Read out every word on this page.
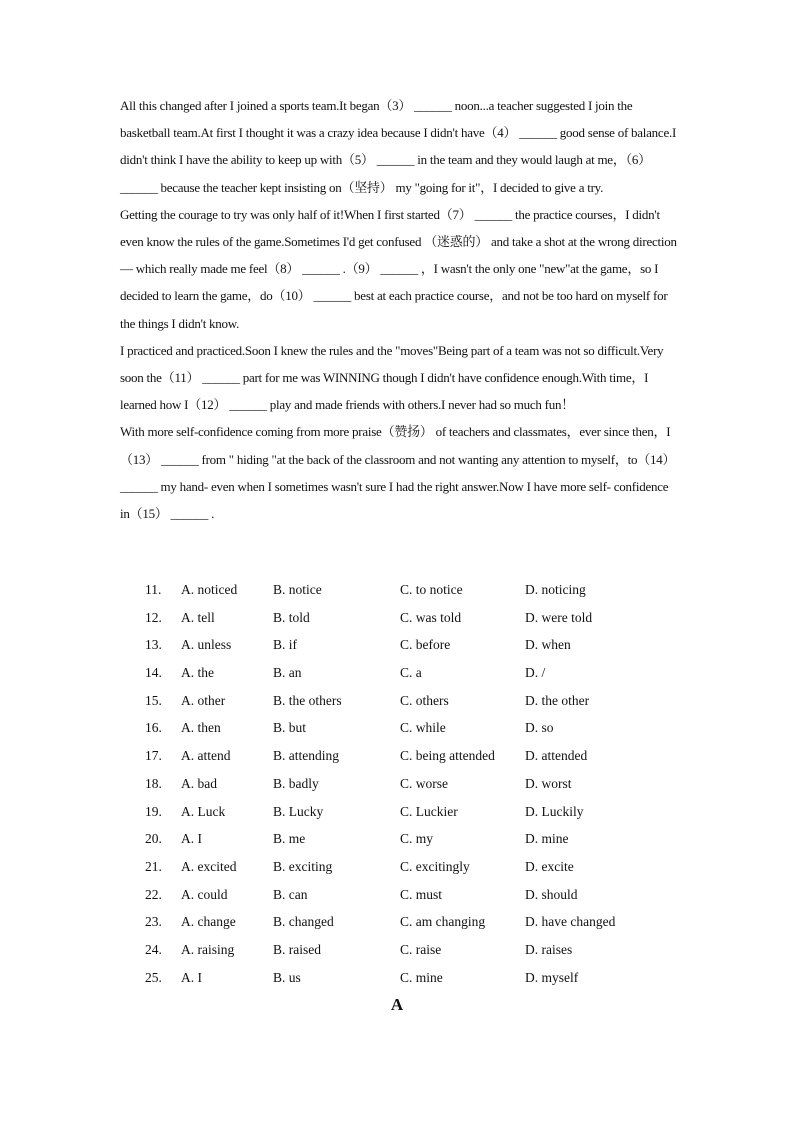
All this changed after I joined a sports team.It began（3） ______ noon...a teacher suggested I join the basketball team.At first I thought it was a crazy idea because I didn't have（4） ______ good sense of balance.I didn't think I have the ability to keep up with（5） ______ in the team and they would laugh at me，（6） ______ because the teacher kept insisting on（坚持） my "going for it"，I decided to give a try.

Getting the courage to try was only half of it!When I first started（7） ______ the practice courses，I didn't even know the rules of the game.Sometimes I'd get confused （迷惑的） and take a shot at the wrong direction — which really made me feel（8） ______ .（9） ______ ，I wasn't the only one "new"at the game，so I decided to learn the game，do（10） ______ best at each practice course，and not be too hard on myself for the things I didn't know.

I practiced and practiced.Soon I knew the rules and the "moves"Being part of a team was not so difficult.Very soon the（11） ______ part for me was WINNING though I didn't have confidence enough.With time，I learned how I（12） ______ play and made friends with others.I never had so much fun！

With more self-confidence coming from more praise（赞扬） of teachers and classmates，ever since then，I（13） ______ from " hiding "at the back of the classroom and not wanting any attention to myself，to（14） ______ my hand- even when I sometimes wasn't sure I had the right answer.Now I have more self- confidence in（15） ______ .

11. A. noticed	B. notice	C. to notice	D. noticing
12. A. tell	B. told	C. was told	D. were told
13. A. unless	B. if	C. before	D. when
14. A. the	B. an	C. a	D. /
15. A. other	B. the others	C. others	D. the other
16. A. then	B. but	C. while	D. so
17. A. attend	B. attending	C. being attended D. attended
18. A. bad	B. badly	C. worse	D. worst
19. A. Luck	B. Lucky	C. Luckier	D. Luckily
20. A. I	B. me	C. my	D. mine
21. A. excited	B. exciting	C. excitingly	D. excite
22. A. could	B. can	C. must	D. should
23. A. change	B. changed	C. am changing	D. have changed
24. A. raising	B. raised	C. raise	D. raises
25. A. I	B. us	C. mine	D. myself
A
